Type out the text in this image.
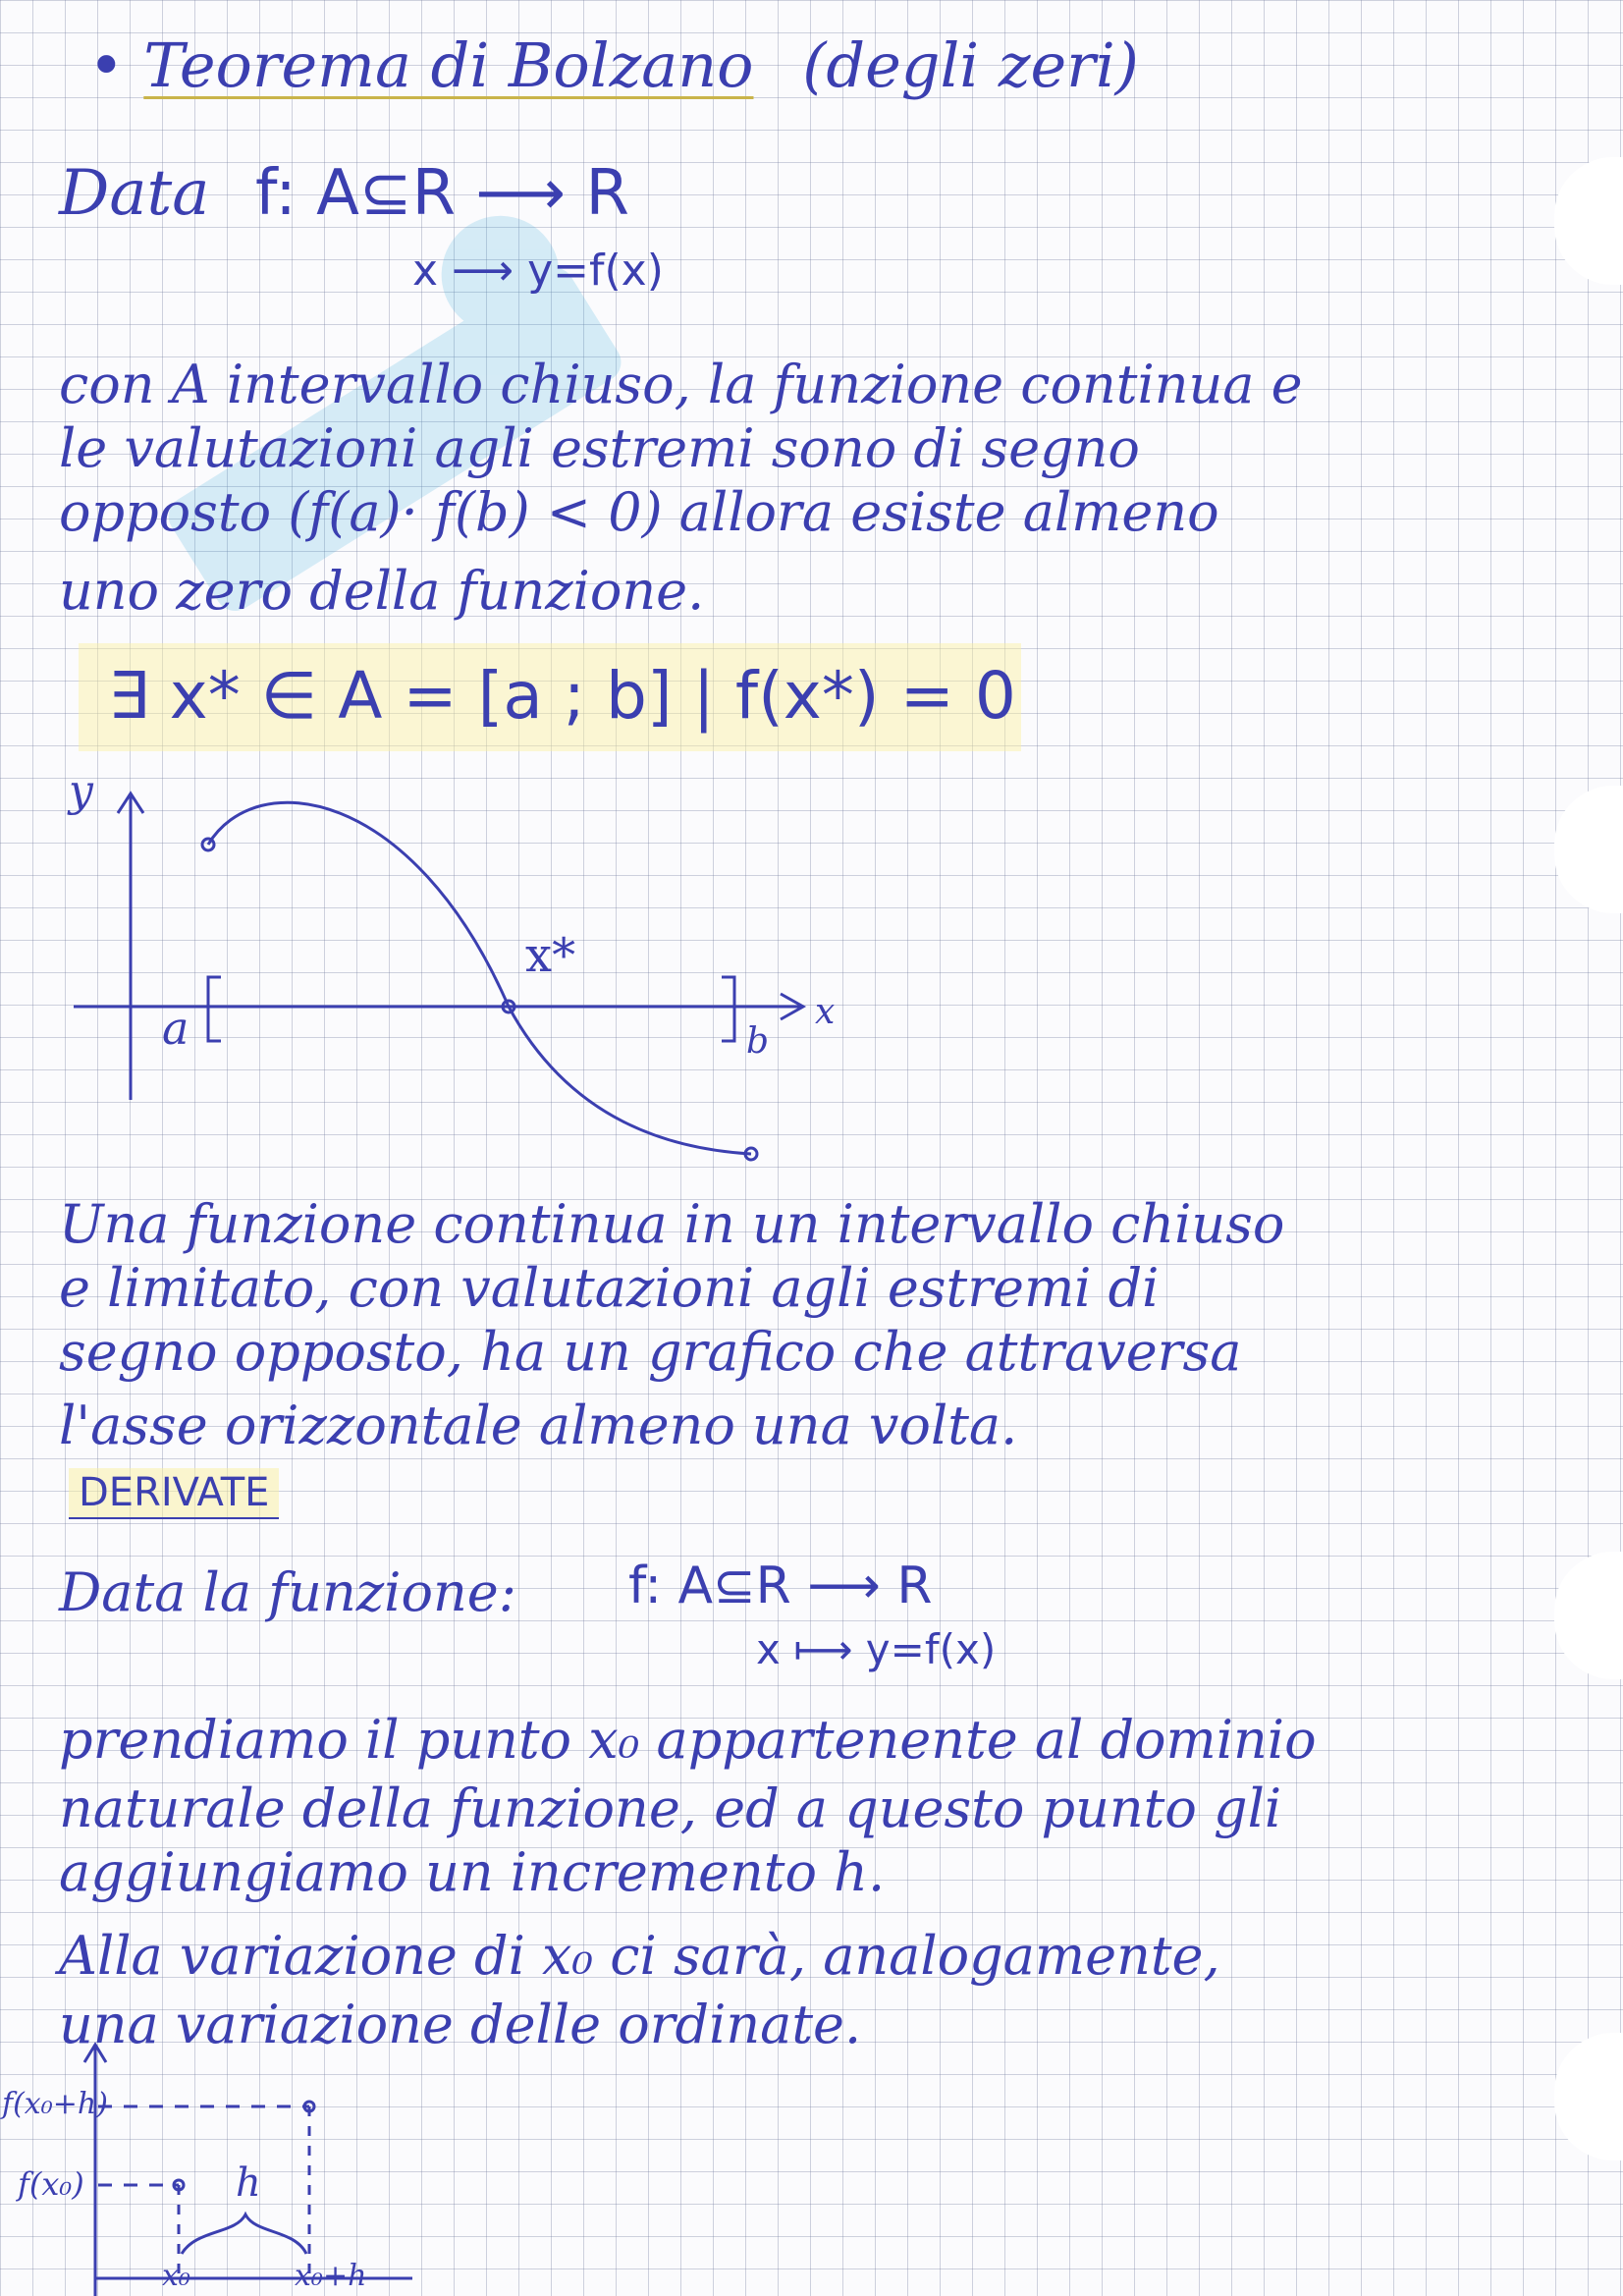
• Teorema di Bolzano (degli zeri)
Data f: A⊆R ⟶ R
x ⟶ y=f(x)
con A intervallo chiuso, la funzione continua e
le valutazioni agli estremi sono di segno
opposto (f(a)· f(b) < 0) allora esiste almeno
uno zero della funzione.
∃ x* ∈ A = [a ; b] | f(x*) = 0
y
x
a	b
x*
Una funzione continua in un intervallo chiuso
e limitato, con valutazioni agli estremi di
segno opposto, ha un grafico che attraversa
l'asse orizzontale almeno una volta.
DERIVATE
Data la funzione: f: A⊆R ⟶ R
x ⟼ y=f(x)
prendiamo il punto x₀ appartenente al dominio
naturale della funzione, ed a questo punto gli
aggiungiamo un incremento h.
Alla variazione di x₀ ci sarà, analogamente,
una variazione delle ordinate.
f(x₀+h)
f(x₀)	h
x₀	x₀+h
